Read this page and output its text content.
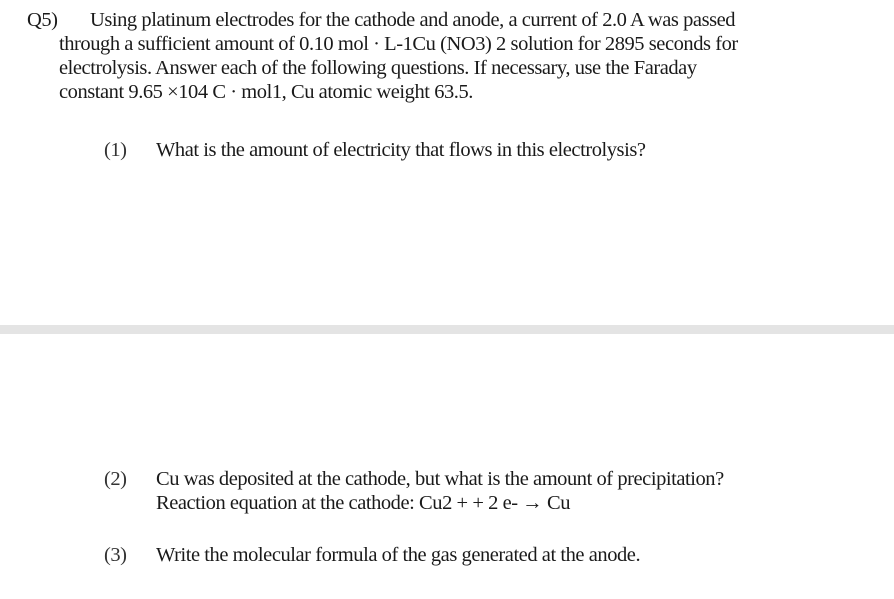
Q5) Using platinum electrodes for the cathode and anode, a current of 2.0 A was passed
through a sufficient amount of 0.10 mol · L-1Cu (NO3) 2 solution for 2895 seconds for
electrolysis. Answer each of the following questions. If necessary, use the Faraday
constant 9.65 ×104 C · mol1, Cu atomic weight 63.5.
(1) What is the amount of electricity that flows in this electrolysis?
(2) Cu was deposited at the cathode, but what is the amount of precipitation?
Reaction equation at the cathode: Cu2 + + 2 e- → Cu
(3) Write the molecular formula of the gas generated at the anode.
